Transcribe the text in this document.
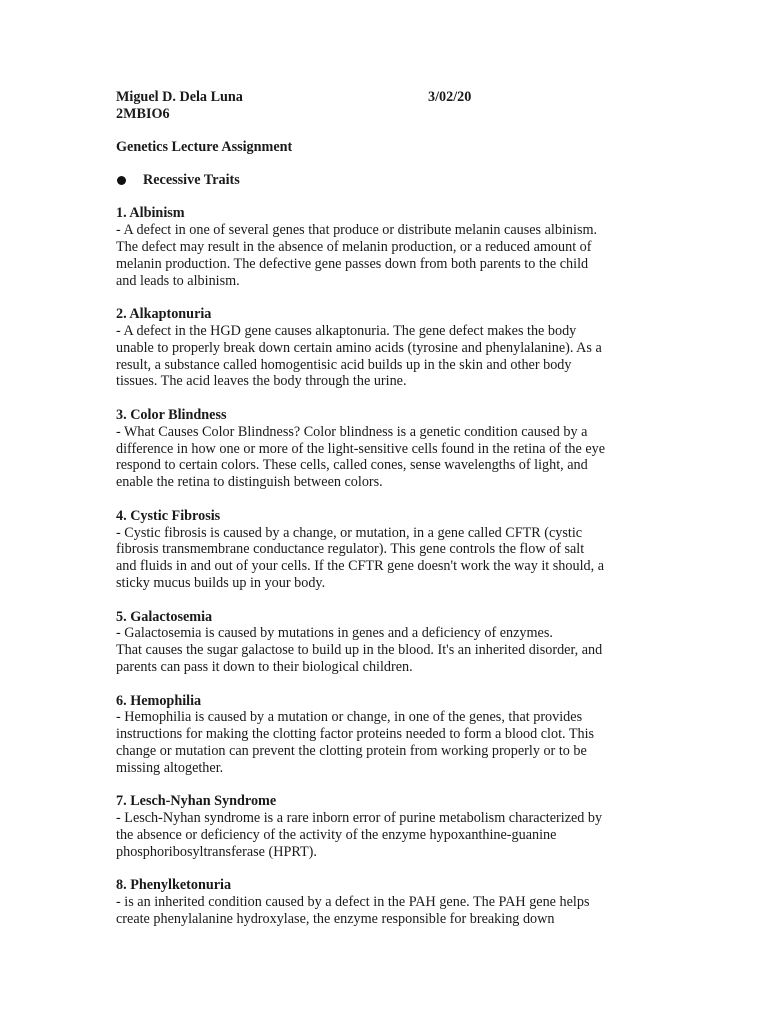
Miguel D. Dela Luna	3/02/20
2MBIO6
Genetics Lecture Assignment
Recessive Traits
1. Albinism
- A defect in one of several genes that produce or distribute melanin causes albinism.
The defect may result in the absence of melanin production, or a reduced amount of
melanin production. The defective gene passes down from both parents to the child
and leads to albinism.
2. Alkaptonuria
- A defect in the HGD gene causes alkaptonuria. The gene defect makes the body
unable to properly break down certain amino acids (tyrosine and phenylalanine). As a
result, a substance called homogentisic acid builds up in the skin and other body
tissues. The acid leaves the body through the urine.
3. Color Blindness
- What Causes Color Blindness? Color blindness is a genetic condition caused by a
difference in how one or more of the light-sensitive cells found in the retina of the eye
respond to certain colors. These cells, called cones, sense wavelengths of light, and
enable the retina to distinguish between colors.
4. Cystic Fibrosis
- Cystic fibrosis is caused by a change, or mutation, in a gene called CFTR (cystic
fibrosis transmembrane conductance regulator). This gene controls the flow of salt
and fluids in and out of your cells. If the CFTR gene doesn't work the way it should, a
sticky mucus builds up in your body.
5. Galactosemia
- Galactosemia is caused by mutations in genes and a deficiency of enzymes.
That causes the sugar galactose to build up in the blood. It's an inherited disorder, and
parents can pass it down to their biological children.
6. Hemophilia
- Hemophilia is caused by a mutation or change, in one of the genes, that provides
instructions for making the clotting factor proteins needed to form a blood clot. This
change or mutation can prevent the clotting protein from working properly or to be
missing altogether.
7. Lesch-Nyhan Syndrome
- Lesch-Nyhan syndrome is a rare inborn error of purine metabolism characterized by
the absence or deficiency of the activity of the enzyme hypoxanthine-guanine
phosphoribosyltransferase (HPRT).
8. Phenylketonuria
- is an inherited condition caused by a defect in the PAH gene. The PAH gene helps
create phenylalanine hydroxylase, the enzyme responsible for breaking down
